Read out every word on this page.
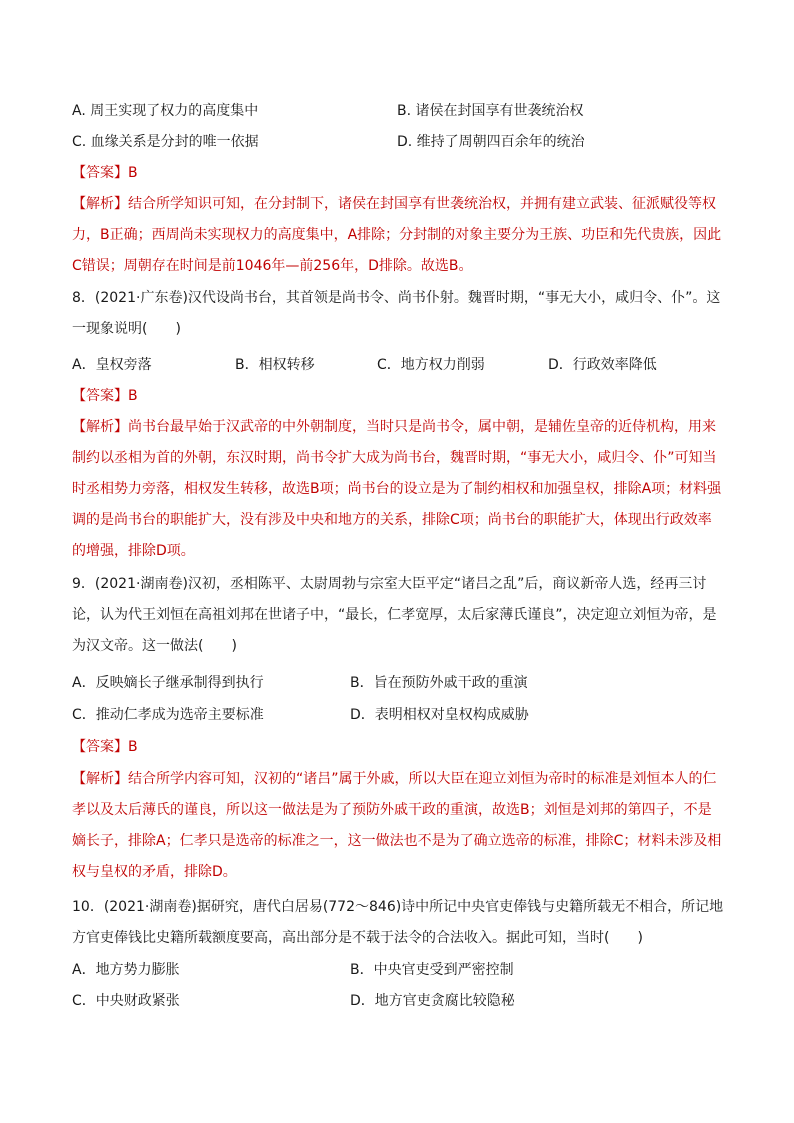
A. 周王实现了权力的高度集中	B. 诸侯在封国享有世袭统治权
C. 血缘关系是分封的唯一依据	D. 维持了周朝四百余年的统治
【答案】B
【解析】结合所学知识可知，在分封制下，诸侯在封国享有世袭统治权，并拥有建立武装、征派赋役等权力，B正确；西周尚未实现权力的高度集中，A排除；分封制的对象主要分为王族、功臣和先代贵族，因此C错误；周朝存在时间是前1046年—前256年，D排除。故选B。
8．(2021·广东卷)汉代设尚书台，其首领是尚书令、尚书仆射。魏晋时期，“事无大小，咸归令、仆”。这一现象说明(　　)
A．皇权旁落	B．相权转移	C．地方权力削弱	D．行政效率降低
【答案】B
【解析】尚书台最早始于汉武帝的中外朝制度，当时只是尚书令，属中朝，是辅佐皇帝的近侍机构，用来制约以丞相为首的外朝，东汉时期，尚书令扩大成为尚书台，魏晋时期，“事无大小，咸归令、仆”可知当时丞相势力旁落，相权发生转移，故选B项；尚书台的设立是为了制约相权和加强皇权，排除A项；材料强调的是尚书台的职能扩大，没有涉及中央和地方的关系，排除C项；尚书台的职能扩大，体现出行政效率的增强，排除D项。
9．(2021·湖南卷)汉初，丞相陈平、太尉周勃与宗室大臣平定“诸吕之乱”后，商议新帝人选，经再三讨论，认为代王刘恒在高祖刘邦在世诸子中，“最长，仁孝宽厚，太后家薄氏谨良”，决定迎立刘恒为帝，是为汉文帝。这一做法(　　)
A．反映嫡长子继承制得到执行	B．旨在预防外戚干政的重演
C．推动仁孝成为选帝主要标准	D．表明相权对皇权构成威胁
【答案】B
【解析】结合所学内容可知，汉初的“诸吕”属于外戚，所以大臣在迎立刘恒为帝时的标准是刘恒本人的仁孝以及太后薄氏的谨良，所以这一做法是为了预防外戚干政的重演，故选B；刘恒是刘邦的第四子，不是嫡长子，排除A；仁孝只是选帝的标准之一，这一做法也不是为了确立选帝的标准，排除C；材料未涉及相权与皇权的矛盾，排除D。
10．(2021·湖南卷)据研究，唐代白居易(772～846)诗中所记中央官吏俸钱与史籍所载无不相合，所记地方官吏俸钱比史籍所载额度要高，高出部分是不载于法令的合法收入。据此可知，当时(　　)
A．地方势力膨胀	B．中央官吏受到严密控制
C．中央财政紧张	D．地方官吏贪腐比较隐秘
